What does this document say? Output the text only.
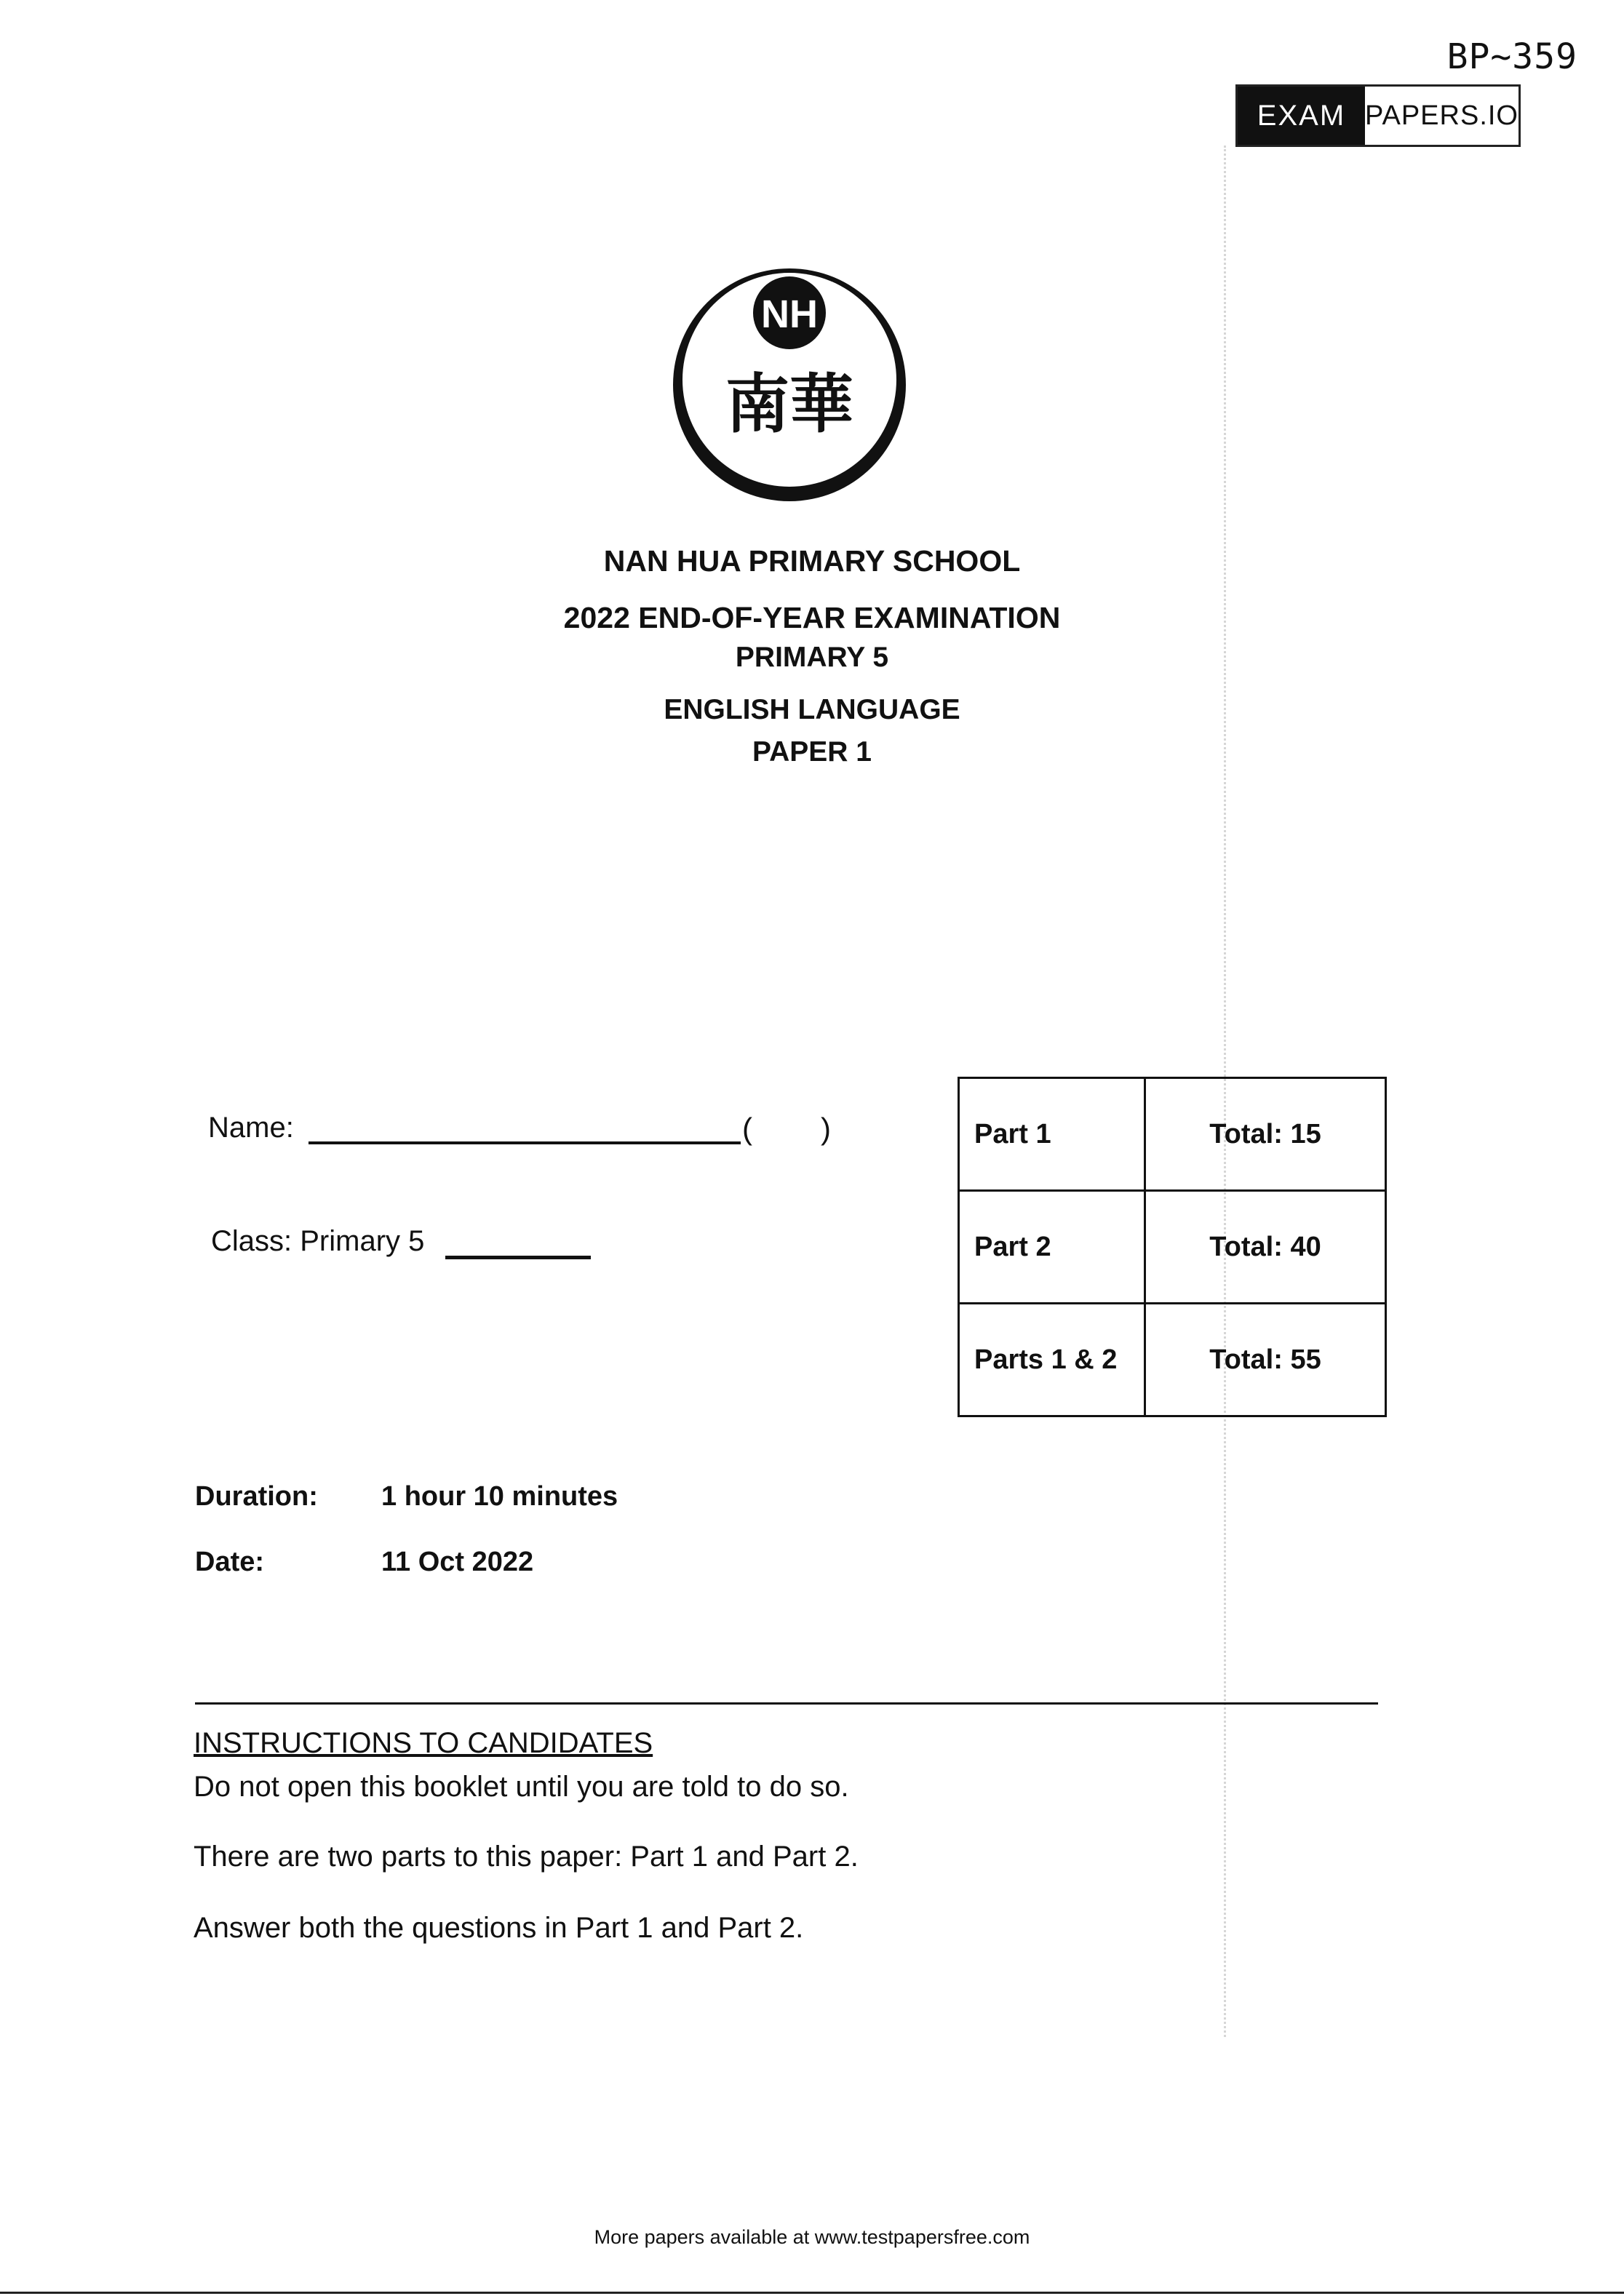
BP~359
EXAM PAPERS.IO
NH
南華
NAN HUA PRIMARY SCHOOL
2022 END-OF-YEAR EXAMINATION
PRIMARY 5
ENGLISH LANGUAGE
PAPER 1
Name:	( )
Class: Primary 5
Part 1	Total: 15
Part 2	Total: 40
Parts 1 & 2	Total: 55
Duration: 1 hour 10 minutes
Date:	11 Oct 2022
INSTRUCTIONS TO CANDIDATES
Do not open this booklet until you are told to do so.
There are two parts to this paper: Part 1 and Part 2.
Answer both the questions in Part 1 and Part 2.
More papers available at www.testpapersfree.com
